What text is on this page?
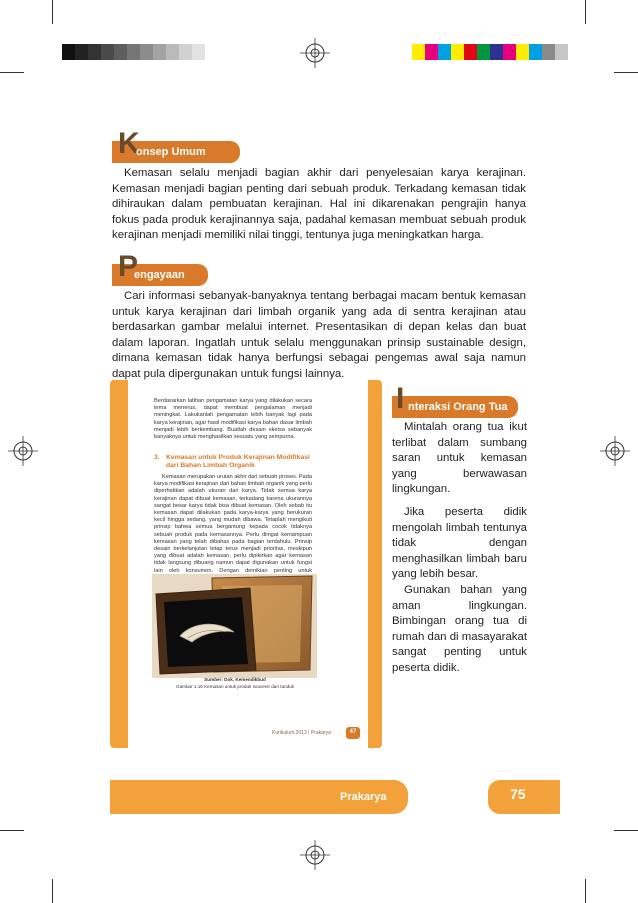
K
onsep Umum

Kemasan selalu menjadi bagian akhir dari penyelesaian karya kerajinan. Kemasan menjadi bagian penting dari sebuah produk. Terkadang kemasan tidak dihiraukan dalam pembuatan kerajinan. Hal ini dikarenakan pengrajin hanya fokus pada produk kerajinannya saja, padahal kemasan membuat sebuah produk kerajinan menjadi memiliki nilai tinggi, tentunya juga meningkatkan harga.

P
engayaan

Cari informasi sebanyak-banyaknya tentang berbagai macam bentuk kemasan untuk karya kerajinan dari limbah organik yang ada di sentra kerajinan atau berdasarkan gambar melalui internet. Presentasikan di depan kelas dan buat dalam laporan. Ingatlah untuk selalu menggunakan prinsip sustainable design, dimana kemasan tidak hanya berfungsi sebagai pengemas awal saja namun dapat pula dipergunakan untuk fungsi lainnya.

Berdasarkan latihan pengamatan karya yang dilakukan secara tema menerus, dapat membuat pengalaman menjadi meningkat. Lakukanlah pengamatan lebih banyak lagi pada karya kerajinan, agar hasil modifikasi karya bahan dasar limbah menjadi lebih berkembang. Buatlah desain sketsa sebanyak banyaknya untuk menghasilkan sesuatu yang sempurna.
3. Kemasan untuk Produk Kerajinan Modifikasi dari Bahan Limbah Organik
Kemasan merupakan urutan akhir dari sebuah proses. Pada karya modifikasi kerajinan dari bahan limbah organik yang perlu diperhatikan adalah ukuran dari karya. Tidak semua karya kerajinan dapat dibuat kemasan, terkadang karena ukurannya sangat besar karya tidak bisa dibuat kemasan. Oleh sebab itu kemasan dapat dilakukan pada karya-karya yang berukuran kecil hingga sedang, yang mudah dibawa. Tetaplah mengikuti prinsip bahwa semua bergantung kepada cocok tidaknya sebuah produk pada kemasannya. Perlu diingat kemampuan kemasan yang telah dibahas pada bagian terdahulu. Prinsip desain berkelanjutan tetap terus menjadi prioritas, meskipun yang dibuat adalah kemasan, perlu dipikirkan agar kemasan tidak langsung dibuang namun dapat digunakan untuk fungsi lain oleh konsumen. Dengan demikian penting untuk
Sumber: Dok. Kemendikbud
Gambar 1.15 Kemasan untuk produk souvenir dari tanduk
Kurikulum 2013 | Prakarya	47
I nteraksi Orang Tua

Mintalah orang tua ikut terlibat dalam sumbang saran untuk kemasan yang berwawasan lingkungan.

Jika peserta didik mengolah limbah tentunya tidak dengan menghasilkan limbah baru yang lebih besar.

Gunakan bahan yang aman lingkungan. Bimbingan orang tua di rumah dan di masayarakat sangat penting untuk peserta didik.

Prakarya	75
